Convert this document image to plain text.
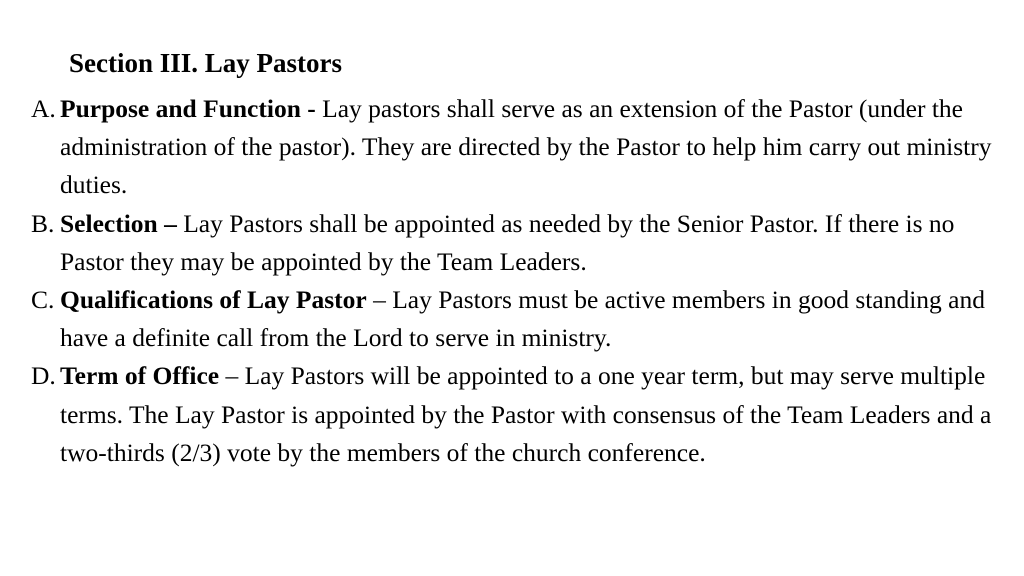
Section III. Lay Pastors
A. Purpose and Function - Lay pastors shall serve as an extension of the Pastor (under the administration of the pastor). They are directed by the Pastor to help him carry out ministry duties.
B. Selection – Lay Pastors shall be appointed as needed by the Senior Pastor. If there is no Pastor they may be appointed by the Team Leaders.
C. Qualifications of Lay Pastor – Lay Pastors must be active members in good standing and have a definite call from the Lord to serve in ministry.
D. Term of Office – Lay Pastors will be appointed to a one year term, but may serve multiple terms. The Lay Pastor is appointed by the Pastor with consensus of the Team Leaders and a two-thirds (2/3) vote by the members of the church conference.
